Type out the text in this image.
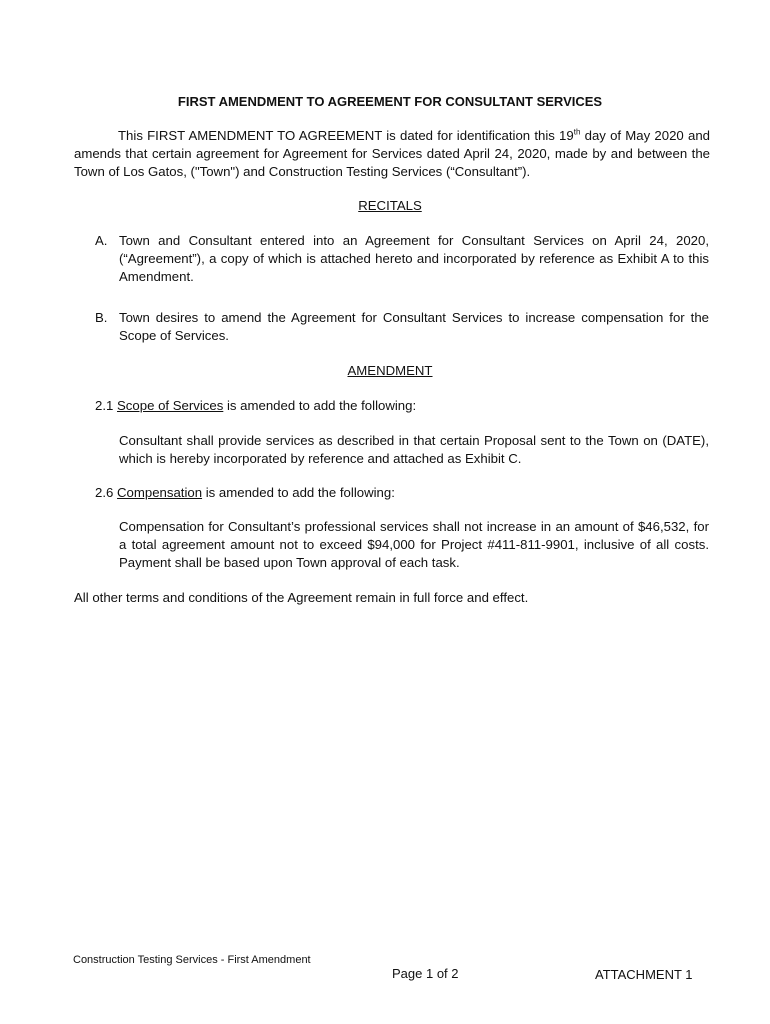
FIRST AMENDMENT TO AGREEMENT FOR CONSULTANT SERVICES
This FIRST AMENDMENT TO AGREEMENT is dated for identification this 19th day of May 2020 and amends that certain agreement for Agreement for Services dated April 24, 2020, made by and between the Town of Los Gatos, ("Town") and Construction Testing Services (“Consultant”).
RECITALS
A. Town and Consultant entered into an Agreement for Consultant Services on April 24, 2020, (“Agreement”), a copy of which is attached hereto and incorporated by reference as Exhibit A to this Amendment.
B. Town desires to amend the Agreement for Consultant Services to increase compensation for the Scope of Services.
AMENDMENT
2.1 Scope of Services is amended to add the following:
Consultant shall provide services as described in that certain Proposal sent to the Town on (DATE), which is hereby incorporated by reference and attached as Exhibit C.
2.6 Compensation is amended to add the following:
Compensation for Consultant’s professional services shall not increase in an amount of $46,532, for a total agreement amount not to exceed $94,000 for Project #411-811-9901, inclusive of all costs. Payment shall be based upon Town approval of each task.
All other terms and conditions of the Agreement remain in full force and effect.
Construction Testing Services - First Amendment
Page 1 of 2	ATTACHMENT 1
